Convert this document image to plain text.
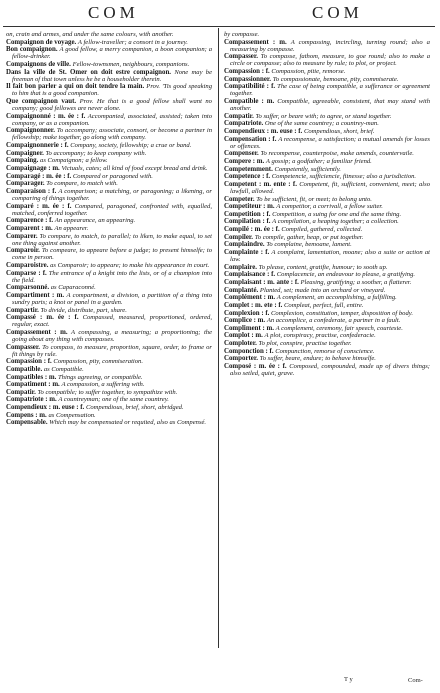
COM	COM

on, crain and armes, and under the same colours, with another.

Compaignon de voyage. A fellow-traveller; a consort in a journey.

Bon compaignon. A good fellow, a merry companion, a boon companion; a fellow-drinker.

Compaignons de ville. Fellow-townsmen, neighbours, companions.

Dans la ville de St. Omer on doit estre compaignon. None may be freeman of that town unless he be a householder therein.

Il fait bon parler a qui on doit tendre la main. Prov. 'Tis good speaking to him that is a good companion.

Que compaignon vaut. Prov. He that is a good fellow shall want no company; good fellowes are never alone.

Compaignonné : m. ée : f. Accompanied, associated, assisted; taken into company, or as a companion.

Compaignonner. To accompany; associate, consort, or become a partner in fellowship; make together, go along with company.

Compaignonnerie : f. Company, society, fellowship; a crue or band.

Compaigner. To accompany; to keep company with.

Compaing. as Compaignon; a fellow.

Compaignage : m. Victuals, cates; all kind of food except bread and drink.

Comparagé : m. ée : f. Compared or paragoned with.

Comparager. To compare, to match with.

Comparaison : f. A comparison; a matching, or paragoning; a likening, or comparing of things together.

Comparé : m. ée : f. Compared, paragoned, confronted with, equalled, matched, conferred together.

Comparence : f. An appearance, an appearing.

Comparent : m. An appearer.

Comparer. To compare, to match, to parallel; to liken, to make equal, to set one thing against another.

Comparoir. To compeare, to appeare before a judge; to present himselfe; to come in person.

Comparoistre. as Comparoir; to appeare; to make his appearance in court.

Comparse : f. The entrance of a knight into the lists, or of a champion into the field.

Comparsonné. as Caparaconné.

Compartiment : m. A compartment, a division, a partition of a thing into sundry parts; a knot or panel in a garden.

Compartir. To divide, distribute, part, share.

Compassé : m. ée : f. Compassed, measured, proportioned, ordered, regular, exact.

Compassement : m. A compassing, a measuring; a proportioning; the going about any thing with compasses.

Compasser. To compass, to measure, proportion, square, order, to frame or fit things by rule.

Compassion : f. Compassion, pity, commiseration.

Compatible. as Compatible.

Compatibles : m. Things agreeing, or compatible.

Compatiment : m. A compassion, a suffering with.

Compatir. To compatible; to suffer together, to sympathize with.

Compatriote : m. A countreyman; one of the same countrey.

Compendieux : m. euse : f. Compendious, brief, short, abridged.

Compens : m. as Compensation.

Compensable. Which may be compensated or requited, also as Compensé.

by compasse.

Compassement : m. A compassing, incircling, turning round; also a measuring by compasse.

Compasser. To compasse, fathom, measure, to goe round; also to make a circle or compasse; also to measure by rule; to plot, or project.

Compassion : f. Compassion, pitie, remorse.

Compassionner. To compassionate, bemoane, pity, commiserate.

Compatibilité : f. The case of being compatible, a sufferance or agreement together.

Compatible : m. Compatible, agreeable, consistent, that may stand with another.

Compatir. To suffer, or beare with; to agree, or stand together.

Compatriote. One of the same countrey; a countrey-man.

Compendieux : m. euse : f. Compendious, short, brief.

Compensation : f. A recompense, a satisfaction; a mutual amends for losses or offences.

Compenser. To recompense, counterpoise, make amends, countervaile.

Compere : m. A gossip; a godfather; a familiar friend.

Competemment. Competently, sufficiently.

Competence : f. Competencie, sufficiencie, fitnesse; also a jurisdiction.

Competent : m. ente : f. Competent, fit, sufficient, convenient, meet; also lawfull, allowed.

Competer. To be sufficient, fit, or meet; to belong unto.

Competiteur : m. A competitor, a corrivall, a fellow suiter.

Competition : f. Competition, a suing for one and the same thing.

Compilation : f. A compilation, a heaping together; a collection.

Compilé : m. ée : f. Compiled, gathered, collected.

Compiler. To compile, gather, heap, or put together.

Complaindre. To complaine, bemoane, lament.

Complainte : f. A complaint, lamentation, moane; also a suite or action at law.

Complaire. To please, content, gratifie, humour; to sooth up.

Complaisance : f. Complacencie, an endeavour to please, a gratifying.

Complaisant : m. ante : f. Pleasing, gratifying; a soother, a flatterer.

Complanté. Planted, set; made into an orchard or vineyard.

Complément : m. A complement, an accomplishing, a fulfilling.

Complet : m. ete : f. Compleat, perfect, full, entire.

Complexion : f. Complexion, constitution, temper, disposition of body.

Complice : m. An accomplice, a confederate, a partner in a fault.

Compliment : m. A complement, ceremony, fair speech, courtesie.

Complot : m. A plot, conspiracy, practise, confederacie.

Comploter. To plot, conspire, practise together.

Componction : f. Compunction, remorse of conscience.

Comporter. To suffer, beare, endure; to behave himselfe.

Composé : m. ée : f. Composed, compounded, made up of divers things; also setled, quiet, grave.

T y	Com-
